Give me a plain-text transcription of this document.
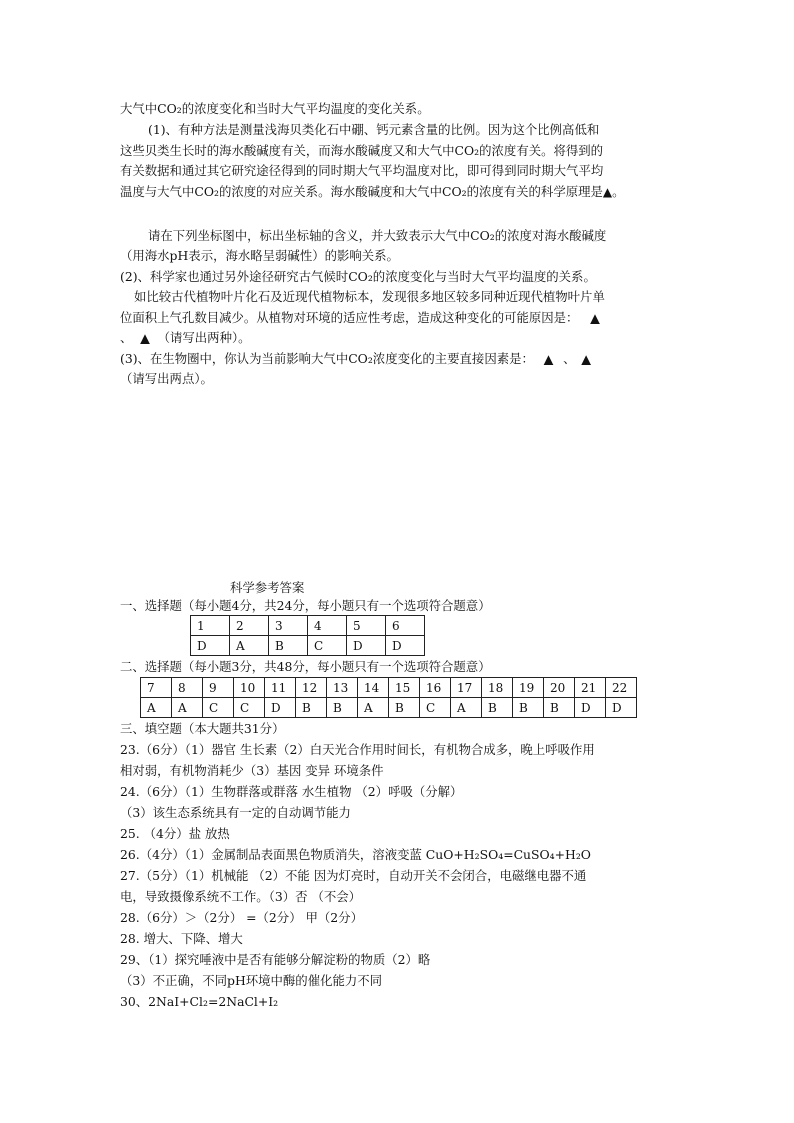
大气中CO₂的浓度变化和当时大气平均温度的变化关系。
(1)、有种方法是测量浅海贝类化石中硼、钙元素含量的比例。因为这个比例高低和
这些贝类生长时的海水酸碱度有关，而海水酸碱度又和大气中CO₂的浓度有关。将得到的
有关数据和通过其它研究途径得到的同时期大气平均温度对比，即可得到同时期大气平均
温度与大气中CO₂的浓度的对应关系。海水酸碱度和大气中CO₂的浓度有关的科学原理是▲。
请在下列坐标图中，标出坐标轴的含义，并大致表示大气中CO₂的浓度对海水酸碱度
（用海水pH表示，海水略呈弱碱性）的影响关系。
(2)、科学家也通过另外途径研究古气候时CO₂的浓度变化与当时大气平均温度的关系。
如比较古代植物叶片化石及近现代植物标本，发现很多地区较多同种近现代植物叶片单
位面积上气孔数目减少。从植物对环境的适应性考虑，造成这种变化的可能原因是： ▲
、 ▲ （请写出两种）。
(3)、在生物圈中，你认为当前影响大气中CO₂浓度变化的主要直接因素是： ▲ 、 ▲
（请写出两点）。
科学参考答案
一、选择题（每小题4分，共24分，每小题只有一个选项符合题意）
1	2	3	4	5	6
D	A	B	C	D	D
二、选择题（每小题3分，共48分，每小题只有一个选项符合题意）
7	8	9	10	11	12	13	14	15	16	17	18	19	20	21	22
A	A	C	C	D	B	B	A	B	C	A	B	B	B	D	D
三、填空题（本大题共31分）
23.（6分）（1）器官 生长素（2）白天光合作用时间长，有机物合成多，晚上呼吸作用
相对弱，有机物消耗少（3）基因 变异 环境条件
24.（6分）（1）生物群落或群落 水生植物 （2）呼吸（分解）
（3）该生态系统具有一定的自动调节能力
25. （4分）盐 放热
26.（4分）（1）金属制品表面黑色物质消失，溶液变蓝 CuO+H₂SO₄=CuSO₄+H₂O
27.（5分）（1）机械能 （2）不能 因为灯亮时，自动开关不会闭合，电磁继电器不通
电，导致摄像系统不工作。（3）否 （不会）
28.（6分）＞（2分） =（2分） 甲（2分）
28. 增大、下降、增大
29、（1）探究唾液中是否有能够分解淀粉的物质（2）略
（3）不正确，不同pH环境中酶的催化能力不同
30、2NaI+Cl₂=2NaCl+I₂
